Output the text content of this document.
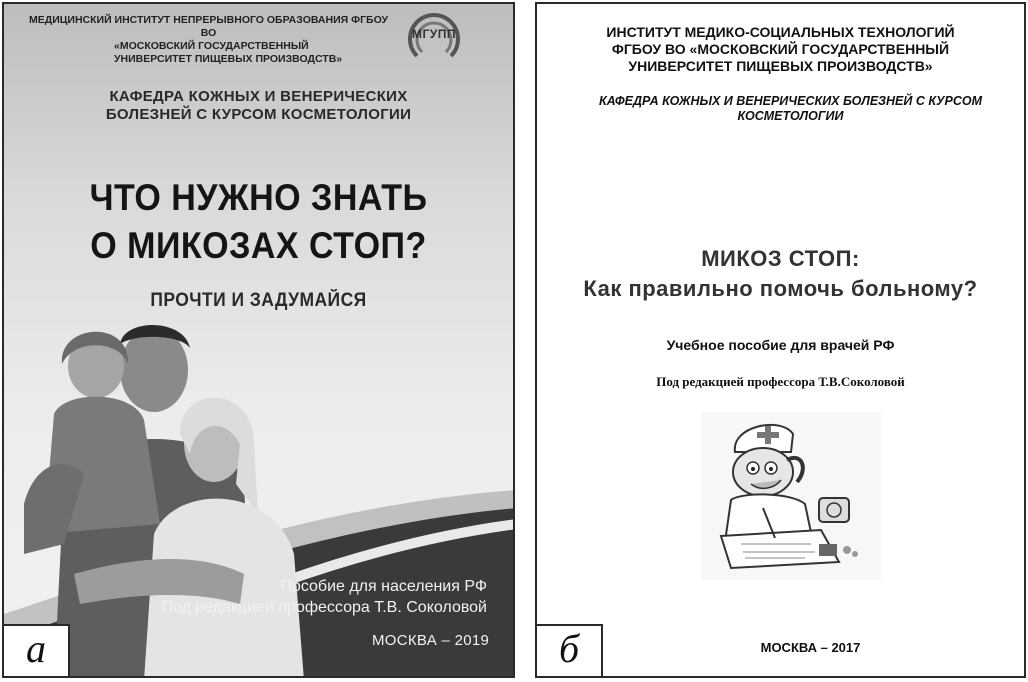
МЕДИЦИНСКИЙ ИНСТИТУТ НЕПРЕРЫВНОГО ОБРАЗОВАНИЯ ФГБОУ ВО
«МОСКОВСКИЙ ГОСУДАРСТВЕННЫЙ
УНИВЕРСИТЕТ ПИЩЕВЫХ ПРОИЗВОДСТВ»
МГУПП
КАФЕДРА КОЖНЫХ И ВЕНЕРИЧЕСКИХ
БОЛЕЗНЕЙ С КУРСОМ КОСМЕТОЛОГИИ
ЧТО НУЖНО ЗНАТЬ
О МИКОЗАХ СТОП?
ПРОЧТИ И ЗАДУМАЙСЯ
Пособие для населения РФ
Под редакцией профессора Т.В. Соколовой
МОСКВА – 2019
а
ИНСТИТУТ МЕДИКО-СОЦИАЛЬНЫХ ТЕХНОЛОГИЙ
ФГБОУ ВО «МОСКОВСКИЙ ГОСУДАРСТВЕННЫЙ
УНИВЕРСИТЕТ ПИЩЕВЫХ ПРОИЗВОДСТВ»
КАФЕДРА КОЖНЫХ И ВЕНЕРИЧЕСКИХ БОЛЕЗНЕЙ С КУРСОМ
КОСМЕТОЛОГИИ
МИКОЗ СТОП:
Как правильно помочь больному?
Учебное пособие для врачей РФ
Под редакцией профессора Т.В.Соколовой
МОСКВА – 2017
б
